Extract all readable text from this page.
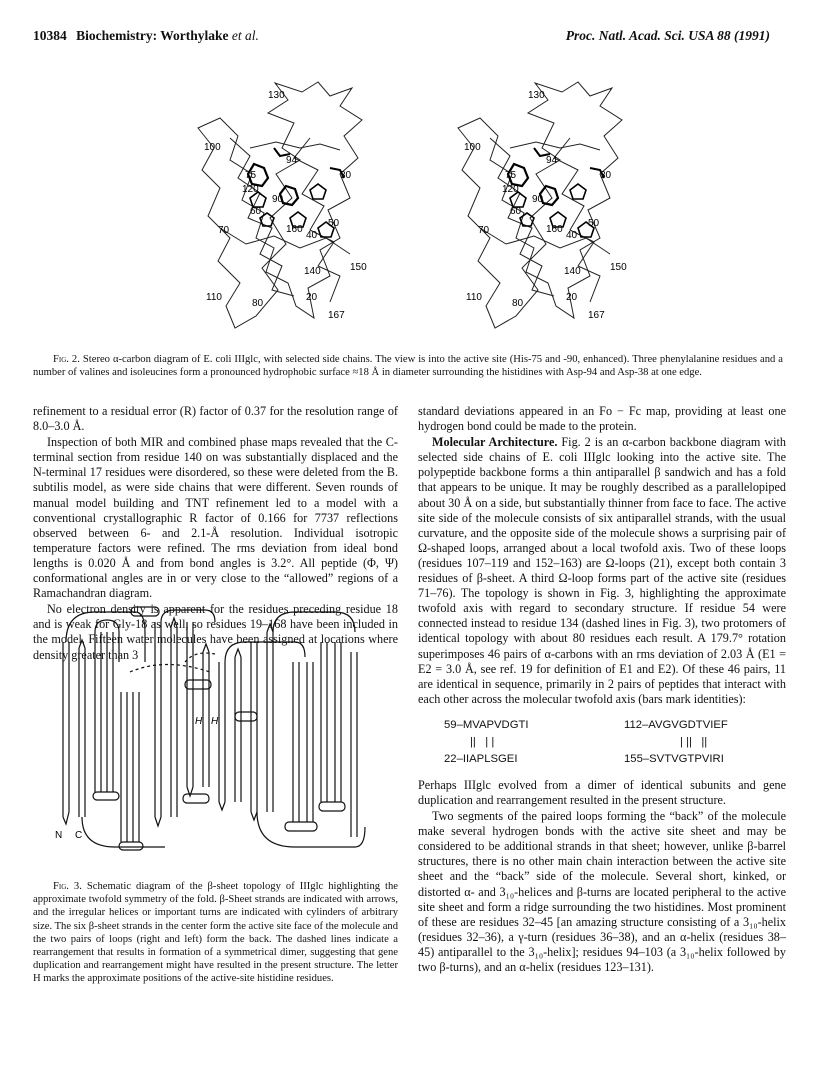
10384 Biochemistry: Worthylake et al.	Proc. Natl. Acad. Sci. USA 88 (1991)
130
100
94
75
120
90
30
60
160
50
40
70
110
80
20
140	150
167
130
100
94
75
120
90
30
60
160
50
40
70
110
80
20
140	150
167
Fig. 2. Stereo α-carbon diagram of E. coli IIIglc, with selected side chains. The view is into the active site (His-75 and -90, enhanced). Three phenylalanine residues and a number of valines and isoleucines form a pronounced hydrophobic surface ≈18 Å in diameter surrounding the histidines with Asp-94 and Asp-38 at one edge.

refinement to a residual error (R) factor of 0.37 for the resolution range of 8.0–3.0 Å.

Inspection of both MIR and combined phase maps revealed that the C-terminal section from residue 140 on was substantially displaced and the N-terminal 17 residues were disordered, so these were deleted from the B. subtilis model, as were side chains that were different. Seven rounds of manual model building and TNT refinement led to a model with a conventional crystallographic R factor of 0.166 for 7737 reflections observed between 6- and 2.1-Å resolution. Individual isotropic temperature factors were refined. The rms deviation from ideal bond lengths is 0.020 Å and from bond angles is 3.2°. All peptide (Φ, Ψ) conformational angles are in or very close to the “allowed” regions of a Ramachandran diagram.

No electron density is apparent for the residues preceding residue 18 and is weak for Gly-18 as well, so residues 19–168 have been included in the model. Fifteen water molecules have been assigned at locations where density greater than 3

N C
H H
Fig. 3. Schematic diagram of the β-sheet topology of IIIglc highlighting the approximate twofold symmetry of the fold. β-Sheet strands are indicated with arrows, and the irregular helices or important turns are indicated with cylinders of arbitrary size. The six β-sheet strands in the center form the active site face of the molecule and the two pairs of loops (right and left) form the back. The dashed lines indicate a rearrangement that results in formation of a symmetrical dimer, suggesting that gene duplication and rearrangement might have resulted in the present structure. The letter H marks the approximate positions of the active-site histidine residues.

standard deviations appeared in an Fo − Fc map, providing at least one hydrogen bond could be made to the protein.

Molecular Architecture. Fig. 2 is an α-carbon backbone diagram with selected side chains of E. coli IIIglc looking into the active site. The polypeptide backbone forms a thin antiparallel β sandwich and has a fold that appears to be unique. It may be roughly described as a parallelopiped about 30 Å on a side, but substantially thinner from face to face. The active site side of the molecule consists of six antiparallel strands, with the usual curvature, and the opposite side of the molecule shows a surprising pair of Ω-shaped loops, arranged about a local twofold axis. Two of these loops (residues 107–119 and 152–163) are Ω-loops (21), except both contain 3 residues of β-sheet. A third Ω-loop forms part of the active site (residues 71–76). The topology is shown in Fig. 3, highlighting the approximate twofold axis with regard to secondary structure. If residue 54 were connected instead to residue 134 (dashed lines in Fig. 3), two protomers of identical topology with about 80 residues each result. A 179.7° rotation superimposes 46 pairs of α-carbons with an rms deviation of 2.03 Å (E1 = E2 = 3.0 Å, see ref. 19 for definition of E1 and E2). Of these 46 pairs, 11 are identical in sequence, primarily in 2 pairs of peptides that interact with each other across the molecular twofold axis (bars mark identities):

59–MVAPVDGTI	112–AVGVGDTVIEF
||   | |	| ||   ||
22–IIAPLSGEI	155–SVTVGTPVIRI

Perhaps IIIglc evolved from a dimer of identical subunits and gene duplication and rearrangement resulted in the present structure.

Two segments of the paired loops forming the “back” of the molecule make several hydrogen bonds with the active site sheet and may be considered to be additional strands in that sheet; however, unlike β-barrel structures, there is no other main chain interaction between the active site sheet and the “back” side of the molecule. Several short, kinked, or distorted α- and 3₁₀-helices and β-turns are located peripheral to the active site sheet and form a ridge surrounding the two histidines. Most prominent of these are residues 32–45 [an amazing structure consisting of a 3₁₀-helix (residues 32–36), a γ-turn (residues 36–38), and an α-helix (residues 38–45) antiparallel to the 3₁₀-helix]; residues 94–103 (a 3₁₀-helix followed by two β-turns), and an α-helix (residues 123–131).
